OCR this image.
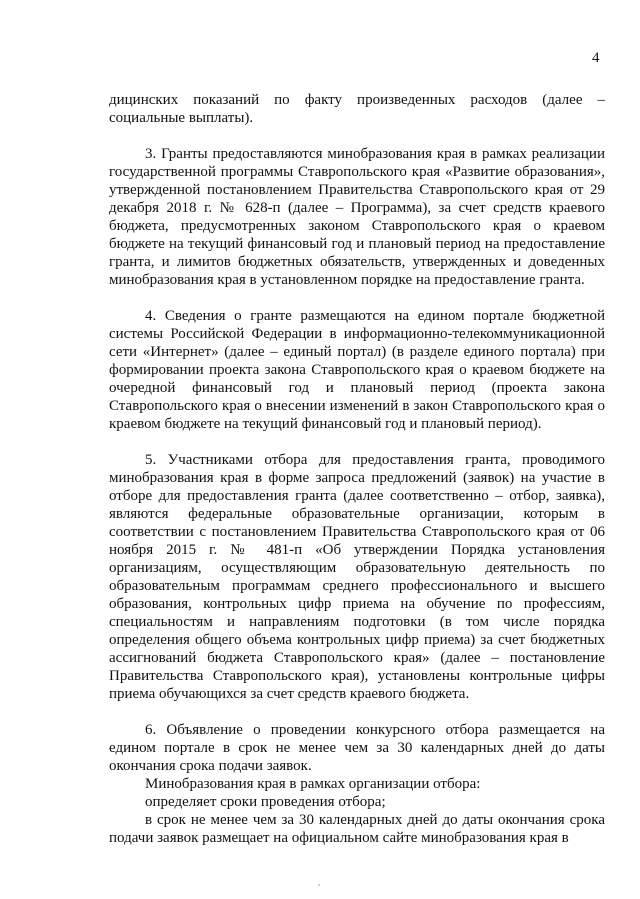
4

дицинских показаний по факту произведенных расходов (далее – социальные выплаты).

3. Гранты предоставляются минобразования края в рамках реализации государственной программы Ставропольского края «Развитие образования», утвержденной постановлением Правительства Ставропольского края от 29 декабря 2018 г. № 628-п (далее – Программа), за счет средств краевого бюджета, предусмотренных законом Ставропольского края о краевом бюджете на текущий финансовый год и плановый период на предоставление гранта, и лимитов бюджетных обязательств, утвержденных и доведенных минобразования края в установленном порядке на предоставление гранта.

4. Сведения о гранте размещаются на едином портале бюджетной системы Российской Федерации в информационно-телекоммуникационной сети «Интернет» (далее – единый портал) (в разделе единого портала) при формировании проекта закона Ставропольского края о краевом бюджете на очередной финансовый год и плановый период (проекта закона Ставропольского края о внесении изменений в закон Ставропольского края о краевом бюджете на текущий финансовый год и плановый период).

5. Участниками отбора для предоставления гранта, проводимого минобразования края в форме запроса предложений (заявок) на участие в отборе для предоставления гранта (далее соответственно – отбор, заявка), являются федеральные образовательные организации, которым в соответствии с постановлением Правительства Ставропольского края от 06 ноября 2015 г. № 481-п «Об утверждении Порядка установления организациям, осуществляющим образовательную деятельность по образовательным программам среднего профессионального и высшего образования, контрольных цифр приема на обучение по профессиям, специальностям и направлениям подготовки (в том числе порядка определения общего объема контрольных цифр приема) за счет бюджетных ассигнований бюджета Ставропольского края» (далее – постановление Правительства Ставропольского края), установлены контрольные цифры приема обучающихся за счет средств краевого бюджета.

6. Объявление о проведении конкурсного отбора размещается на едином портале в срок не менее чем за 30 календарных дней до даты окончания срока подачи заявок.

Минобразования края в рамках организации отбора:

определяет сроки проведения отбора;

в срок не менее чем за 30 календарных дней до даты окончания срока подачи заявок размещает на официальном сайте минобразования края в
